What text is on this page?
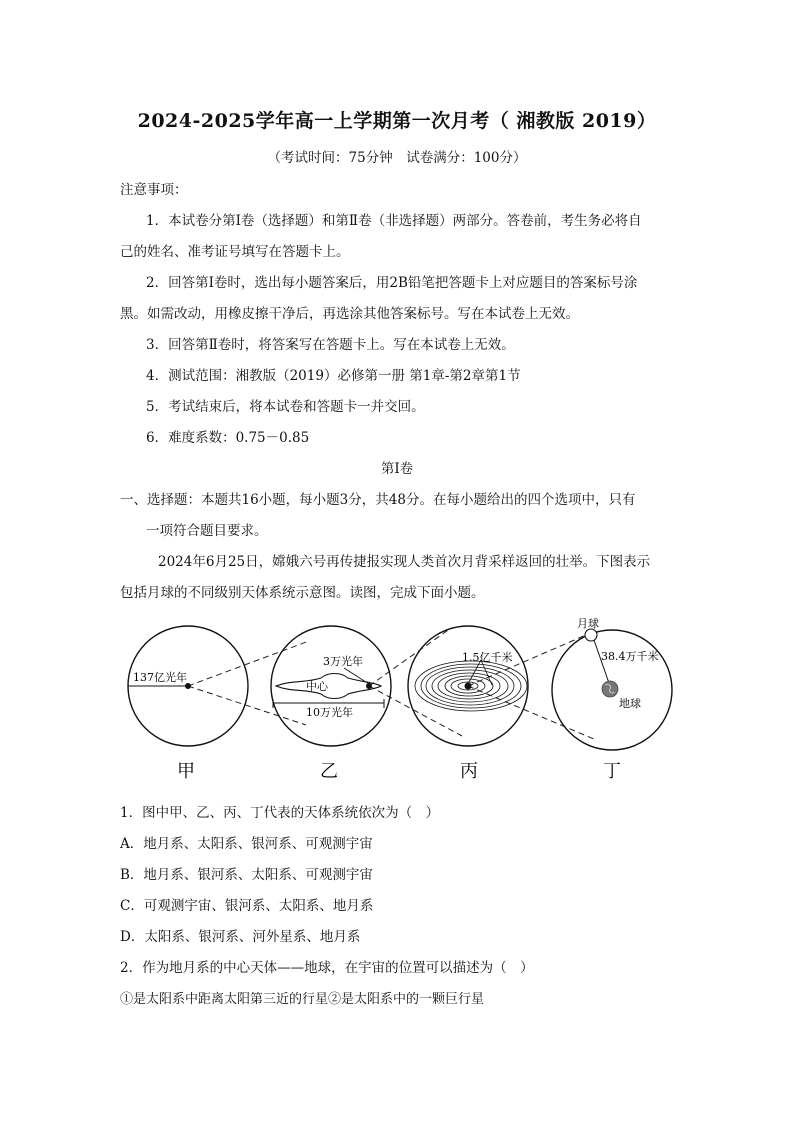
2024-2025学年高一上学期第一次月考（ 湘教版 2019）
（考试时间：75分钟　试卷满分：100分）
注意事项：
1．本试卷分第Ⅰ卷（选择题）和第Ⅱ卷（非选择题）两部分。答卷前，考生务必将自
己的姓名、准考证号填写在答题卡上。
2．回答第Ⅰ卷时，选出每小题答案后，用2B铅笔把答题卡上对应题目的答案标号涂
黑。如需改动，用橡皮擦干净后，再选涂其他答案标号。写在本试卷上无效。
3．回答第Ⅱ卷时，将答案写在答题卡上。写在本试卷上无效。
4．测试范围：湘教版（2019）必修第一册 第1章-第2章第1节
5．考试结束后，将本试卷和答题卡一并交回。
6．难度系数：0.75－0.85
第Ⅰ卷
一、选择题：本题共16小题，每小题3分，共48分。在每小题给出的四个选项中，只有
一项符合题目要求。
2024年6月25日，嫦娥六号再传捷报实现人类首次月背采样返回的壮举。下图表示
包括月球的不同级别天体系统示意图。读图，完成下面小题。
137亿光年
3万光年
中心
10万光年
1.5亿千米
月球
38.4万千米
地球
甲	乙	丙	丁
1．图中甲、乙、丙、丁代表的天体系统依次为（　）
A．地月系、太阳系、银河系、可观测宇宙
B．地月系、银河系、太阳系、可观测宇宙
C．可观测宇宙、银河系、太阳系、地月系
D．太阳系、银河系、河外星系、地月系
2．作为地月系的中心天体——地球，在宇宙的位置可以描述为（　）
①是太阳系中距离太阳第三近的行星②是太阳系中的一颗巨行星
